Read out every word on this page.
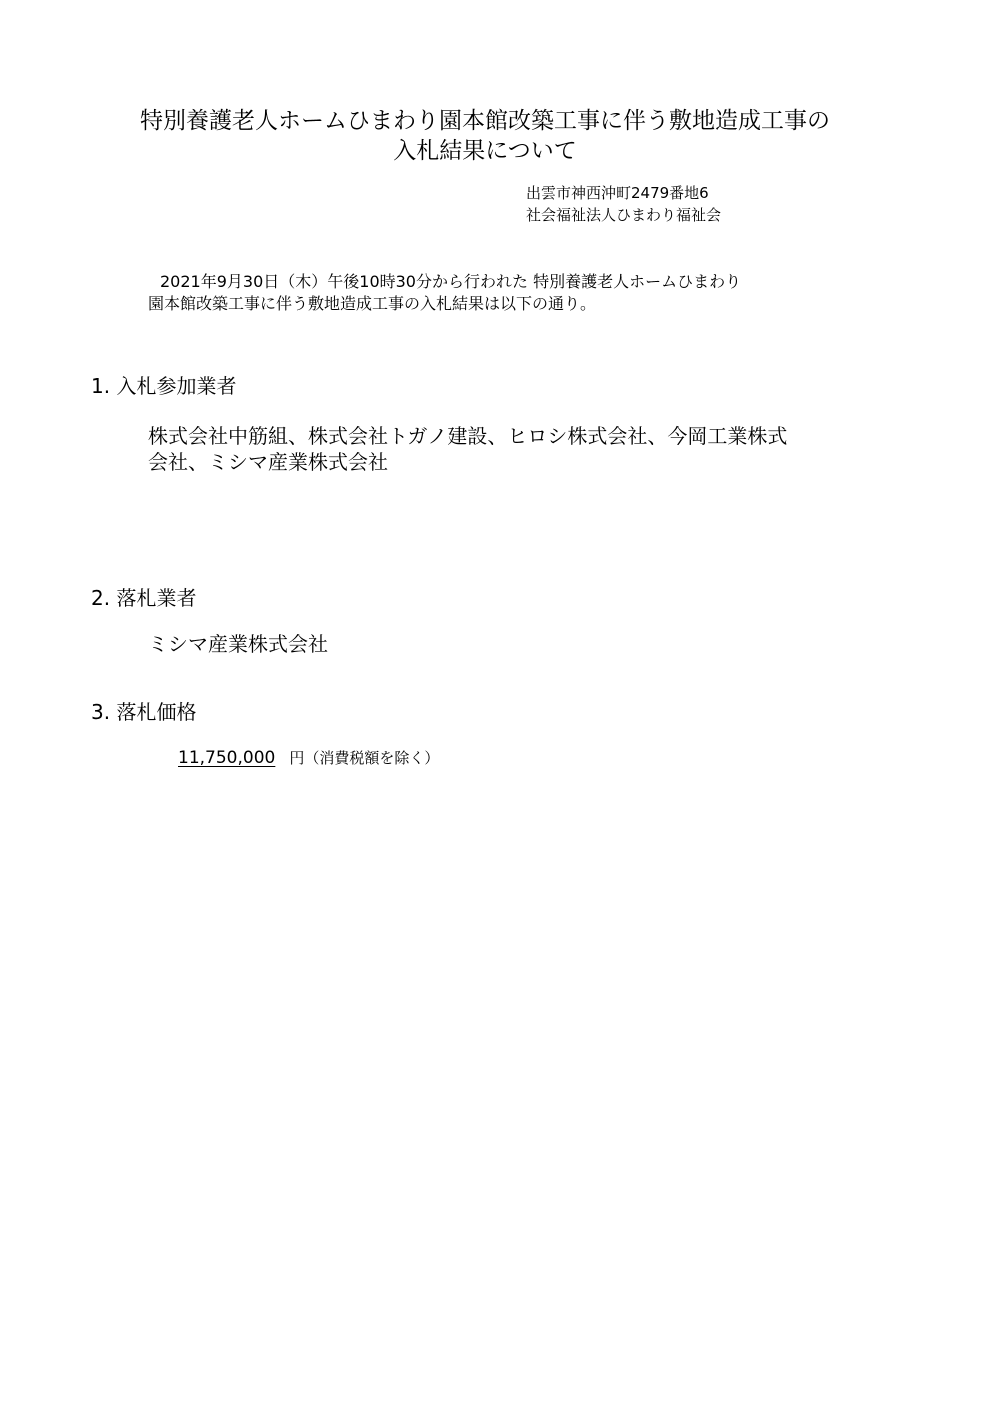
特別養護老人ホームひまわり園本館改築工事に伴う敷地造成工事の
入札結果について
出雲市神西沖町2479番地6
社会福祉法人ひまわり福祉会
2021年9月30日（木）午後10時30分から行われた 特別養護老人ホームひまわり
園本館改築工事に伴う敷地造成工事の入札結果は以下の通り。
1. 入札参加業者
株式会社中筋組、株式会社トガノ建設、ヒロシ株式会社、今岡工業株式
会社、ミシマ産業株式会社
2. 落札業者
ミシマ産業株式会社
3. 落札価格
11,750,000 円（消費税額を除く）
